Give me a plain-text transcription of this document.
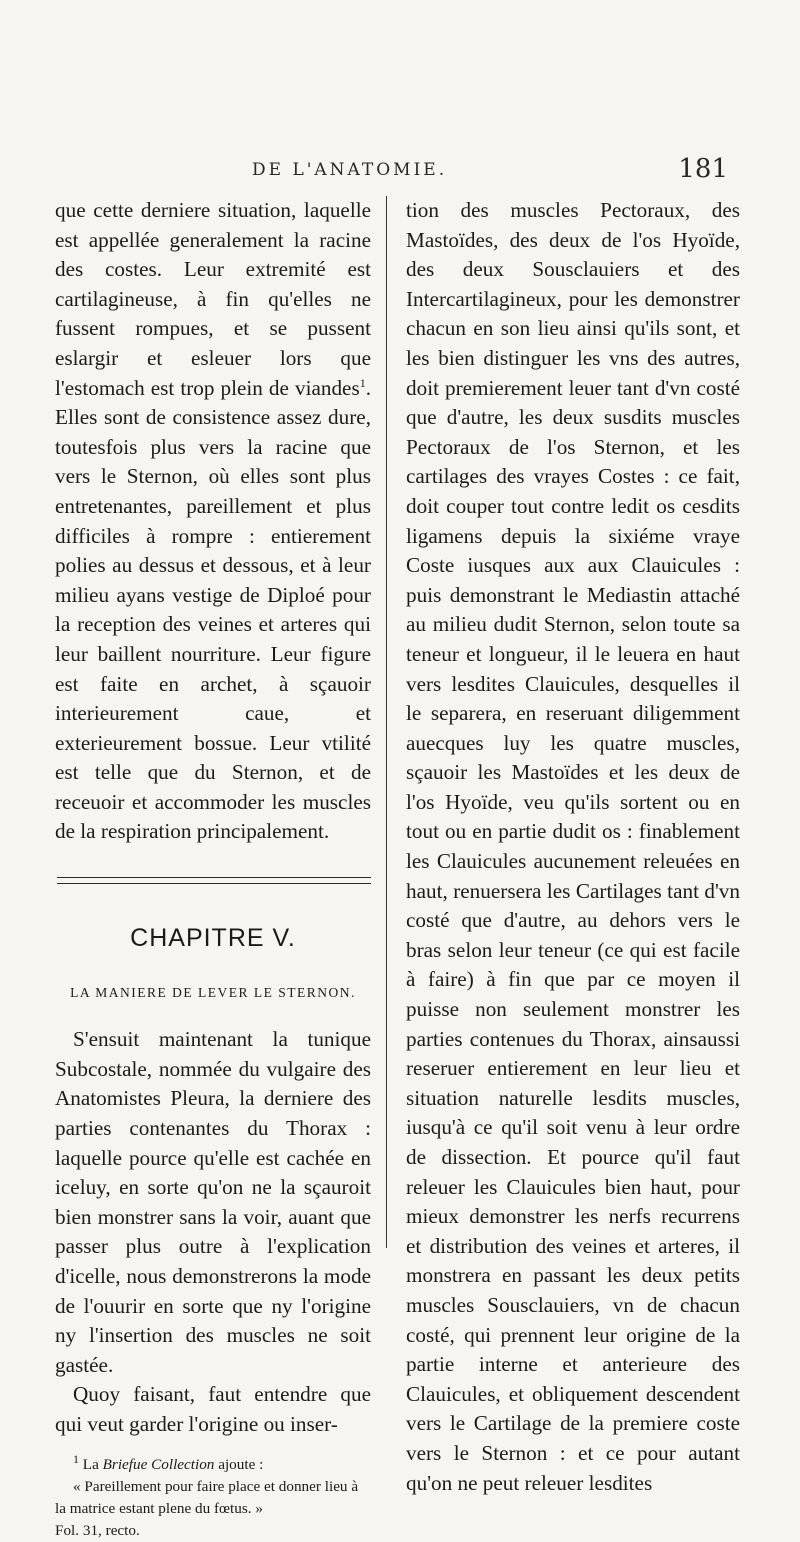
DE L'ANATOMIE.	181

que cette derniere situation, laquelle est appellée generalement la racine des costes. Leur extremité est cartilagineuse, à fin qu'elles ne fussent rompues, et se pussent eslargir et esleuer lors que l'estomach est trop plein de viandes$^1$. Elles sont de consistence assez dure, toutesfois plus vers la racine que vers le Sternon, où elles sont plus entretenantes, pareillement et plus difficiles à rompre : entierement polies au dessus et dessous, et à leur milieu ayans vestige de Diploé pour la reception des veines et arteres qui leur baillent nourriture. Leur figure est faite en archet, à sçauoir interieurement caue, et exterieurement bossue. Leur vtilité est telle que du Sternon, et de receuoir et accommoder les muscles de la respiration principalement.

CHAPITRE V.
LA MANIERE DE LEVER LE STERNON.

S'ensuit maintenant la tunique Subcostale, nommée du vulgaire des Anatomistes Pleura, la derniere des parties contenantes du Thorax : laquelle pource qu'elle est cachée en iceluy, en sorte qu'on ne la sçauroit bien monstrer sans la voir, auant que passer plus outre à l'explication d'icelle, nous demonstrerons la mode de l'ouurir en sorte que ny l'origine ny l'insertion des muscles ne soit gastée.

Quoy faisant, faut entendre que qui veut garder l'origine ou inser-

$^1$ La Briefue Collection ajoute :

« Pareillement pour faire place et donner lieu à la matrice estant plene du fœtus. »

Fol. 31, recto.

tion des muscles Pectoraux, des Mastoïdes, des deux de l'os Hyoïde, des deux Sousclauiers et des Intercartilagineux, pour les demonstrer chacun en son lieu ainsi qu'ils sont, et les bien distinguer les vns des autres, doit premierement leuer tant d'vn costé que d'autre, les deux susdits muscles Pectoraux de l'os Sternon, et les cartilages des vrayes Costes : ce fait, doit couper tout contre ledit os cesdits ligamens depuis la sixiéme vraye Coste iusques aux aux Clauicules : puis demonstrant le Mediastin attaché au milieu dudit Sternon, selon toute sa teneur et longueur, il le leuera en haut vers lesdites Clauicules, desquelles il le separera, en reseruant diligemment auecques luy les quatre muscles, sçauoir les Mastoïdes et les deux de l'os Hyoïde, veu qu'ils sortent ou en tout ou en partie dudit os : finablement les Clauicules aucunement releuées en haut, renuersera les Cartilages tant d'vn costé que d'autre, au dehors vers le bras selon leur teneur (ce qui est facile à faire) à fin que par ce moyen il puisse non seulement monstrer les parties contenues du Thorax, ainsaussi reseruer entierement en leur lieu et situation naturelle lesdits muscles, iusqu'à ce qu'il soit venu à leur ordre de dissection. Et pource qu'il faut releuer les Clauicules bien haut, pour mieux demonstrer les nerfs recurrens et distribution des veines et arteres, il monstrera en passant les deux petits muscles Sousclauiers, vn de chacun costé, qui prennent leur origine de la partie interne et anterieure des Clauicules, et obliquement descendent vers le Cartilage de la premiere coste vers le Sternon : et ce pour autant qu'on ne peut releuer lesdites
